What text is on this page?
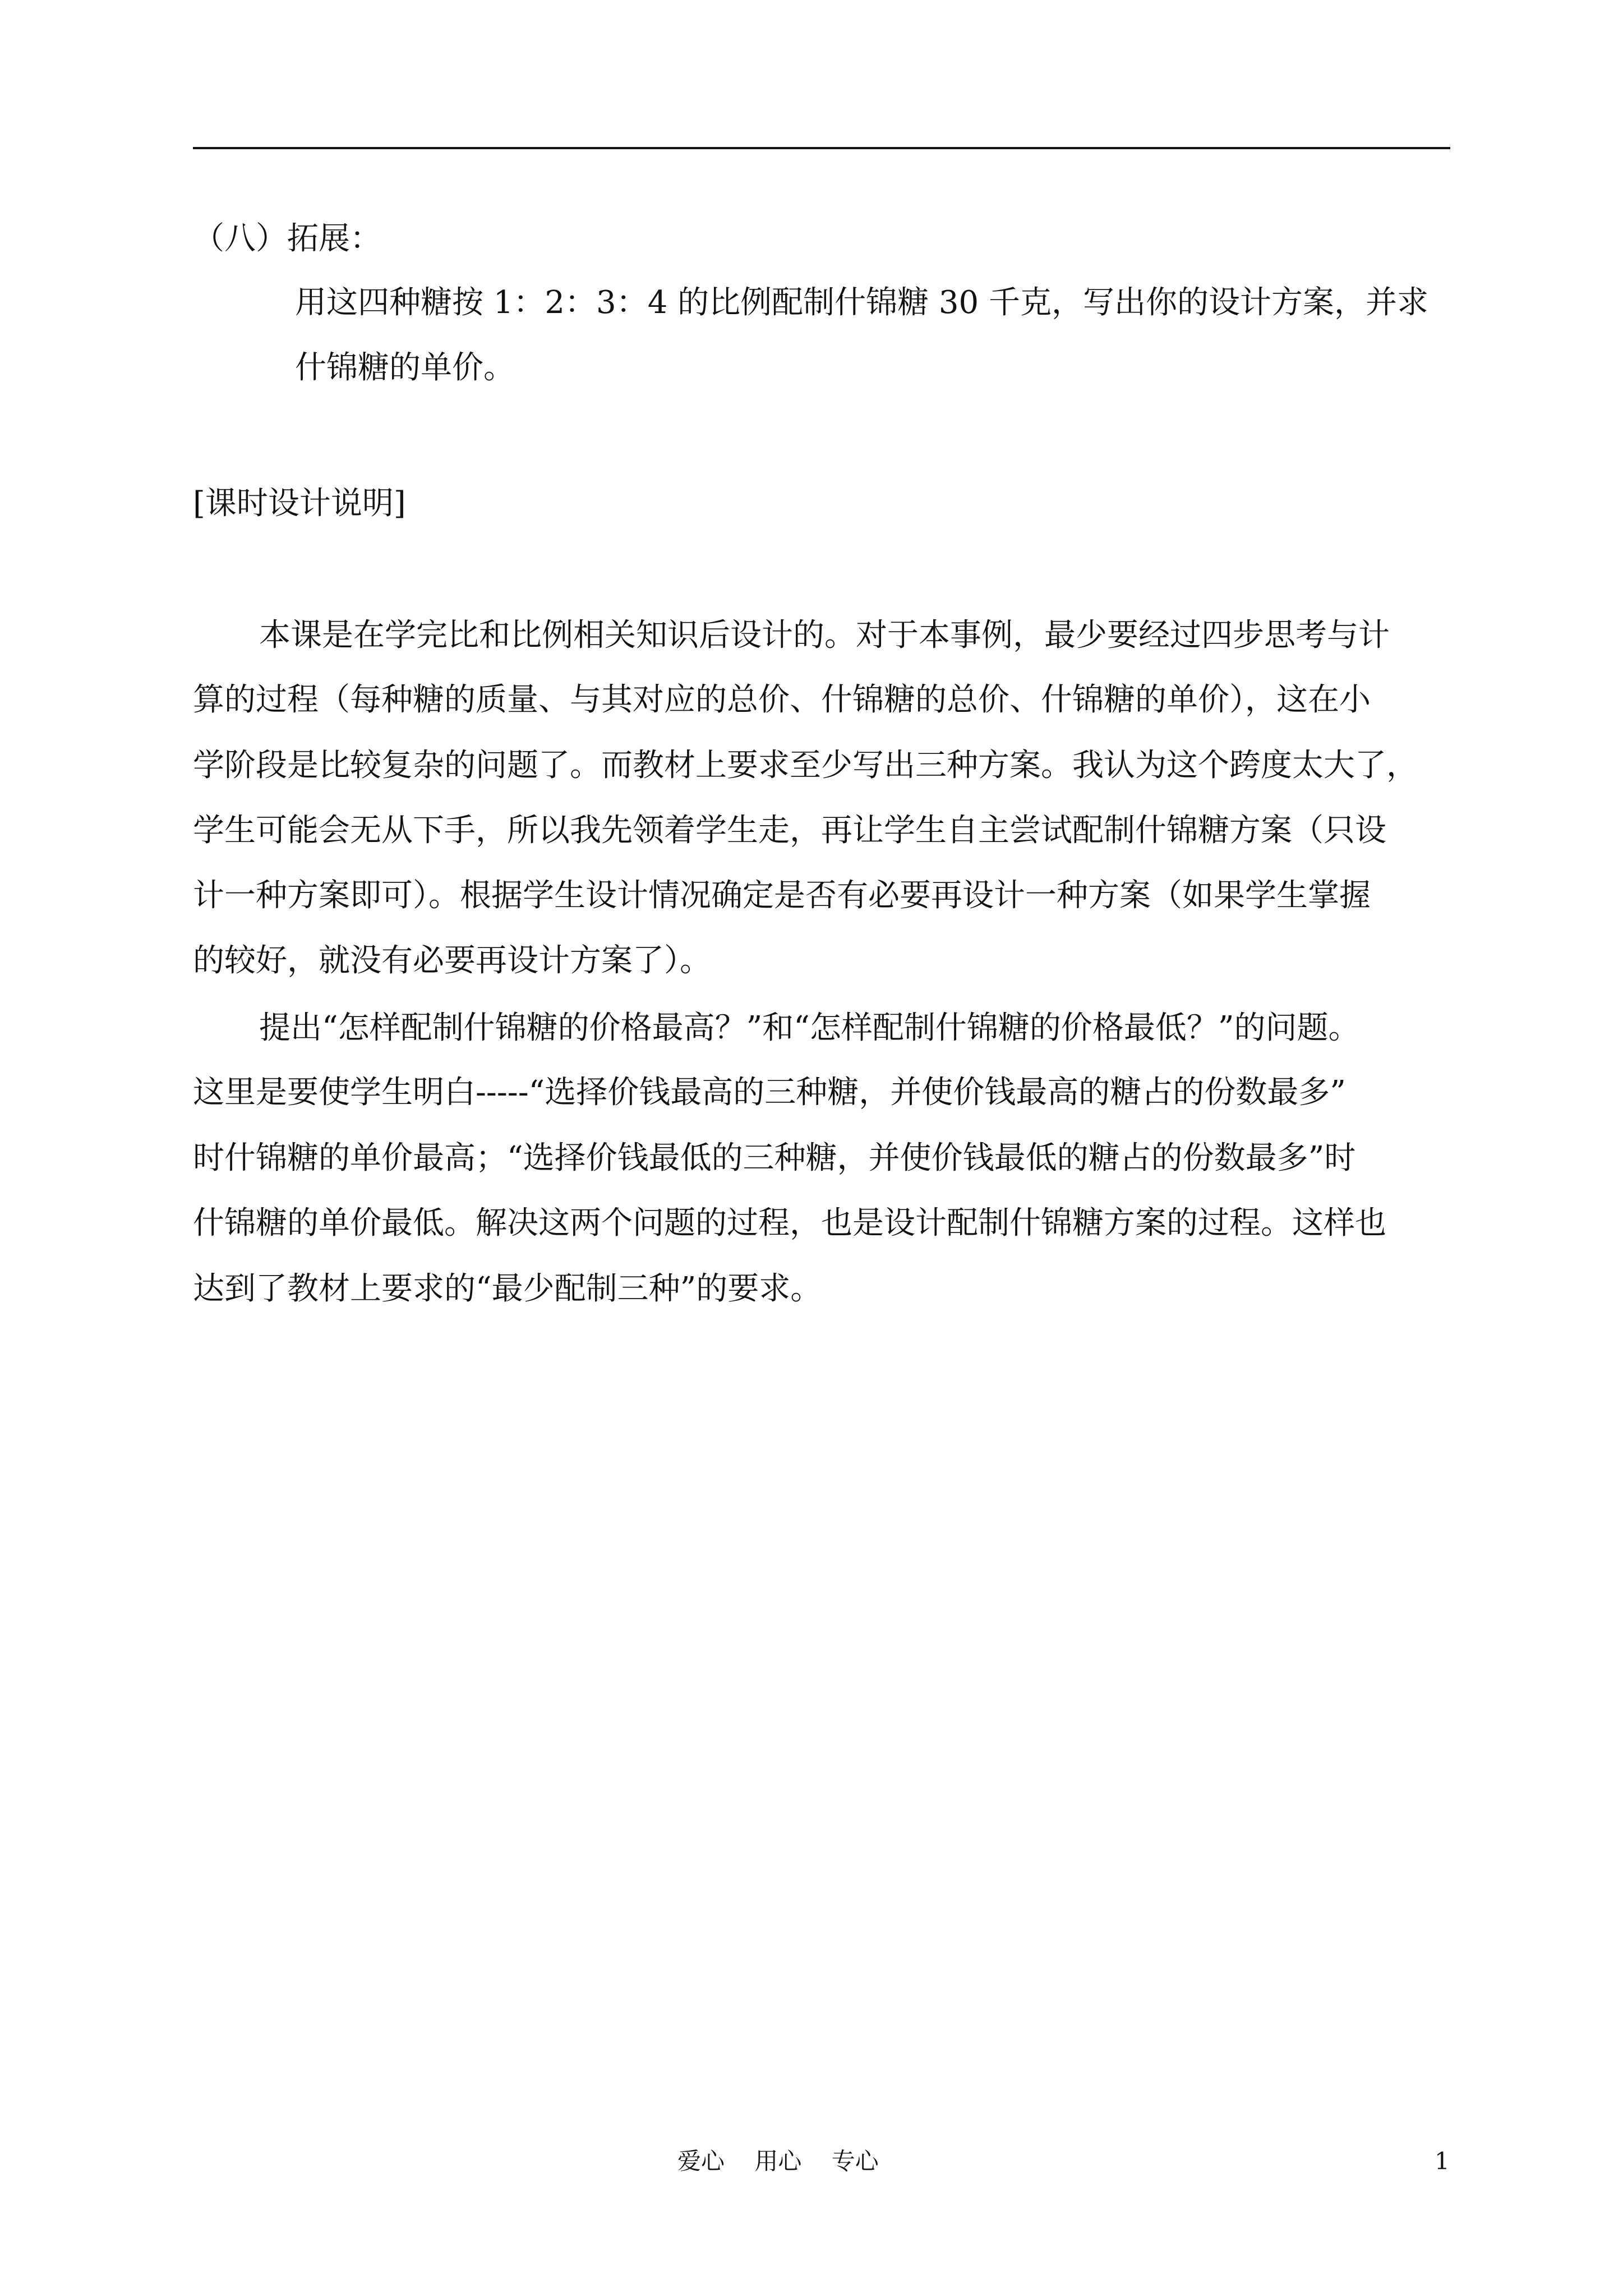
（八）拓展：
用这四种糖按 1：2：3：4 的比例配制什锦糖 30 千克，写出你的设计方案，并求
什锦糖的单价。
[课时设计说明]
本课是在学完比和比例相关知识后设计的。对于本事例，最少要经过四步思考与计
算的过程（每种糖的质量、与其对应的总价、什锦糖的总价、什锦糖的单价），这在小
学阶段是比较复杂的问题了。而教材上要求至少写出三种方案。我认为这个跨度太大了，
学生可能会无从下手，所以我先领着学生走，再让学生自主尝试配制什锦糖方案（只设
计一种方案即可）。根据学生设计情况确定是否有必要再设计一种方案（如果学生掌握
的较好，就没有必要再设计方案了）。
提出“怎样配制什锦糖的价格最高？”和“怎样配制什锦糖的价格最低？”的问题。
这里是要使学生明白-----“选择价钱最高的三种糖，并使价钱最高的糖占的份数最多”
时什锦糖的单价最高；“选择价钱最低的三种糖，并使价钱最低的糖占的份数最多”时
什锦糖的单价最低。解决这两个问题的过程，也是设计配制什锦糖方案的过程。这样也
达到了教材上要求的“最少配制三种”的要求。
爱心    用心    专心	1
